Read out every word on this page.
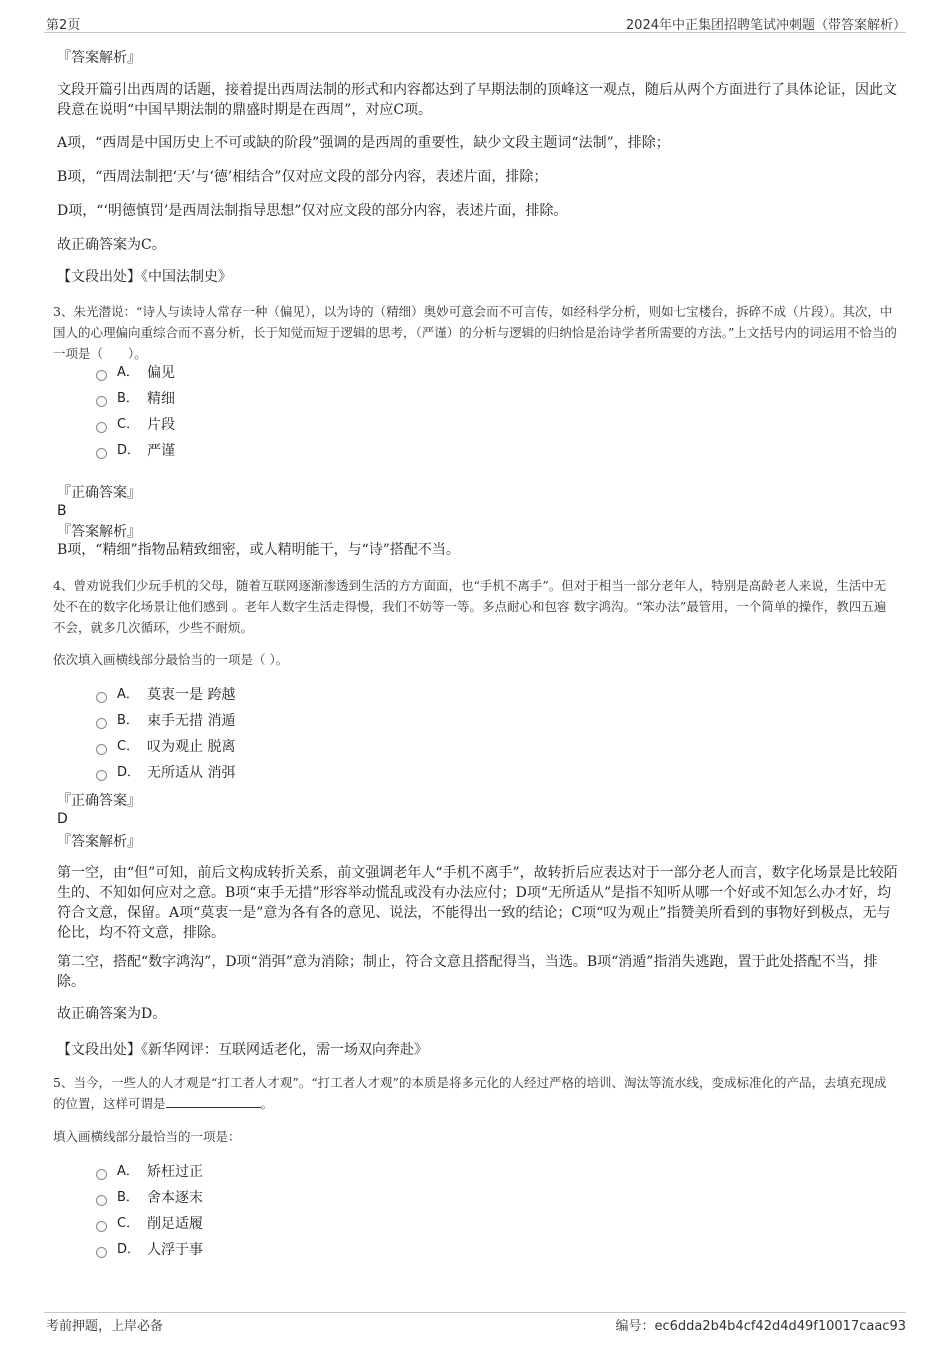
第2页	2024年中正集团招聘笔试冲刺题（带答案解析）
『答案解析』
文段开篇引出西周的话题，接着提出西周法制的形式和内容都达到了早期法制的顶峰这一观点，随后从两个方面进行了具体论证，因此文段意在说明“中国早期法制的鼎盛时期是在西周”，对应C项。
A项，“西周是中国历史上不可或缺的阶段”强调的是西周的重要性，缺少文段主题词“法制”，排除；
B项，“西周法制把‘天’与‘德’相结合”仅对应文段的部分内容，表述片面，排除；
D项，“‘明德慎罚’是西周法制指导思想”仅对应文段的部分内容，表述片面，排除。
故正确答案为C。
【文段出处】《中国法制史》
3、朱光潜说：“诗人与读诗人常存一种（偏见），以为诗的（精细）奥妙可意会而不可言传，如经科学分析，则如七宝楼台，拆碎不成（片段）。其次，中国人的心理偏向重综合而不喜分析，长于知觉而短于逻辑的思考，（严谨）的分析与逻辑的归纳恰是治诗学者所需要的方法。”上文括号内的词运用不恰当的一项是（　　）。
A． 偏见
B． 精细
C． 片段
D． 严谨
『正确答案』
B
『答案解析』
B项，“精细”指物品精致细密，或人精明能干，与“诗”搭配不当。
4、曾劝说我们少玩手机的父母，随着互联网逐渐渗透到生活的方方面面，也“手机不离手”。但对于相当一部分老年人，特别是高龄老人来说，生活中无处不在的数字化场景让他们感到 。老年人数字生活走得慢，我们不妨等一等。多点耐心和包容 数字鸿沟。“笨办法”最管用，一个简单的操作，教四五遍不会，就多几次循环，少些不耐烦。
依次填入画横线部分最恰当的一项是（ ）。
A． 莫衷一是 跨越
B． 束手无措 消遁
C． 叹为观止 脱离
D． 无所适从 消弭
『正确答案』
D
『答案解析』
第一空，由“但”可知，前后文构成转折关系，前文强调老年人“手机不离手”，故转折后应表达对于一部分老人而言，数字化场景是比较陌生的、不知如何应对之意。B项“束手无措”形容举动慌乱或没有办法应付；D项“无所适从”是指不知听从哪一个好或不知怎么办才好，均符合文意，保留。A项“莫衷一是”意为各有各的意见、说法，不能得出一致的结论；C项“叹为观止”指赞美所看到的事物好到极点，无与伦比，均不符文意，排除。
第二空，搭配“数字鸿沟”，D项“消弭”意为消除；制止，符合文意且搭配得当，当选。B项“消遁”指消失逃跑，置于此处搭配不当，排除。
故正确答案为D。
【文段出处】《新华网评：互联网适老化，需一场双向奔赴》
5、当今，一些人的人才观是“打工者人才观”。“打工者人才观”的本质是将多元化的人经过严格的培训、淘汰等流水线，变成标准化的产品，去填充现成的位置，这样可谓是	。
填入画横线部分最恰当的一项是：
A． 矫枉过正
B． 舍本逐末
C． 削足适履
D． 人浮于事
考前押题，上岸必备	编号：ec6dda2b4b4cf42d4d49f10017caac93
